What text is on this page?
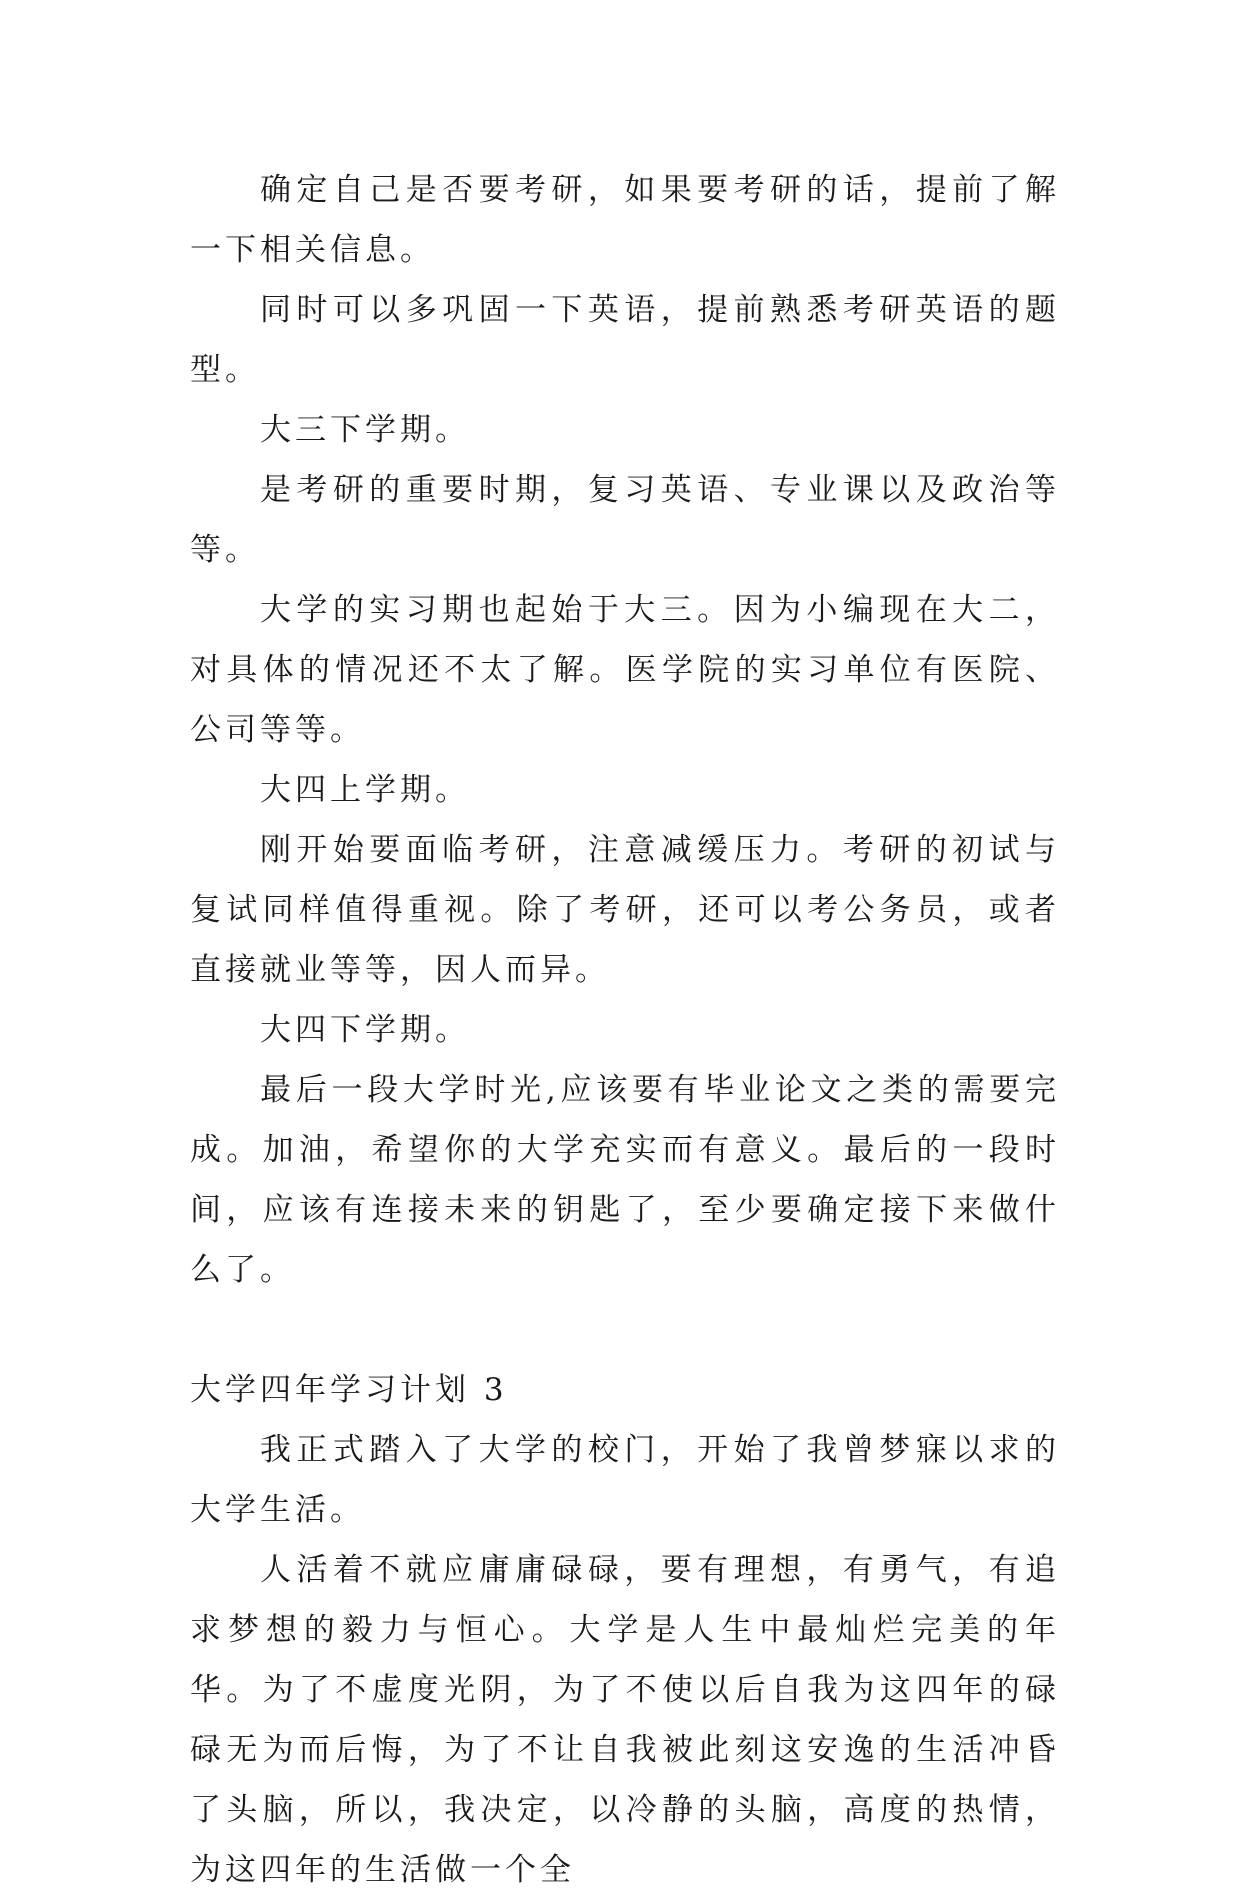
确定自己是否要考研，如果要考研的话，提前了解一下相关信息。

同时可以多巩固一下英语，提前熟悉考研英语的题型。

大三下学期。

是考研的重要时期，复习英语、专业课以及政治等等。

大学的实习期也起始于大三。因为小编现在大二，对具体的情况还不太了解。医学院的实习单位有医院、公司等等。

大四上学期。

刚开始要面临考研，注意减缓压力。考研的初试与复试同样值得重视。除了考研，还可以考公务员，或者直接就业等等，因人而异。

大四下学期。

最后一段大学时光,应该要有毕业论文之类的需要完成。加油，希望你的大学充实而有意义。最后的一段时间，应该有连接未来的钥匙了，至少要确定接下来做什么了。

大学四年学习计划 3

我正式踏入了大学的校门，开始了我曾梦寐以求的大学生活。

人活着不就应庸庸碌碌，要有理想，有勇气，有追求梦想的毅力与恒心。大学是人生中最灿烂完美的年华。为了不虚度光阴，为了不使以后自我为这四年的碌碌无为而后悔，为了不让自我被此刻这安逸的生活冲昏了头脑，所以，我决定，以冷静的头脑，高度的热情，为这四年的生活做一个全
